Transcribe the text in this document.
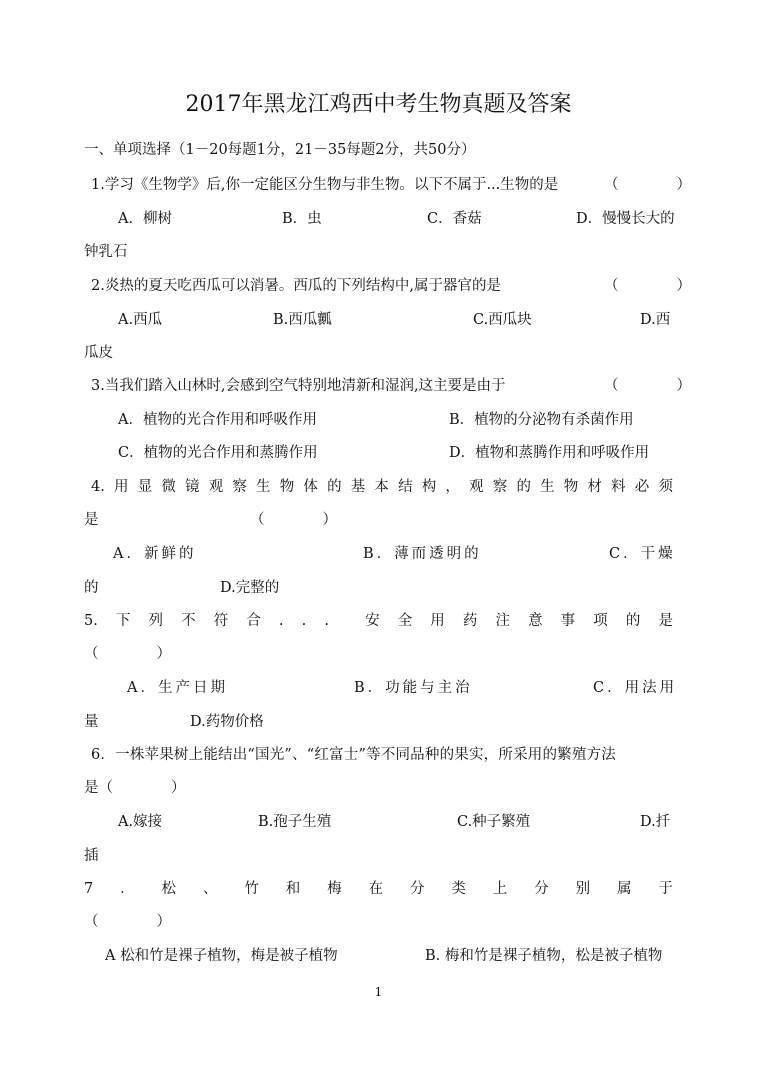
2017年黑龙江鸡西中考生物真题及答案
一、单项选择（1－20每题1分，21－35每题2分，共50分）
1.学习《生物学》后,你一定能区分生物与非生物。以下不属于...生物的是	（　　　　）
A．柳树	B．虫	C．香菇	D．慢慢长大的
钟乳石
2.炎热的夏天吃西瓜可以消暑。西瓜的下列结构中,属于器官的是	（　　　　）
A.西瓜	B.西瓜瓤	C.西瓜块	D.西
瓜皮
3.当我们踏入山林时,会感到空气特别地清新和湿润,这主要是由于	（　　　　）
A．植物的光合作用和呼吸作用	B．植物的分泌物有杀菌作用
C．植物的光合作用和蒸腾作用	D．植物和蒸腾作用和呼吸作用
4. 用 显 微 镜 观 察 生 物 体 的 基 本 结 构 ， 观 察 的 生 物 材 料 必 须
是	（　　　　）
A．新鲜的	B．薄而透明的	C．干燥
的	D.完整的
5. 下 列 不 符 合 . . . 安 全 用 药 注 意 事 项 的 是
（　　　　）
A．生产日期	B．功能与主治	C．用法用
量	D.药物价格
6．一株苹果树上能结出“国光”、“红富士”等不同品种的果实，所采用的繁殖方法
是（　　　　）
A.嫁接	B.孢子生殖	C.种子繁殖	D.扦
插
7 ． 松 、 竹 和 梅 在 分 类 上 分 别 属 于
（　　　　）
A 松和竹是裸子植物，梅是被子植物	B. 梅和竹是裸子植物，松是被子植物
1
